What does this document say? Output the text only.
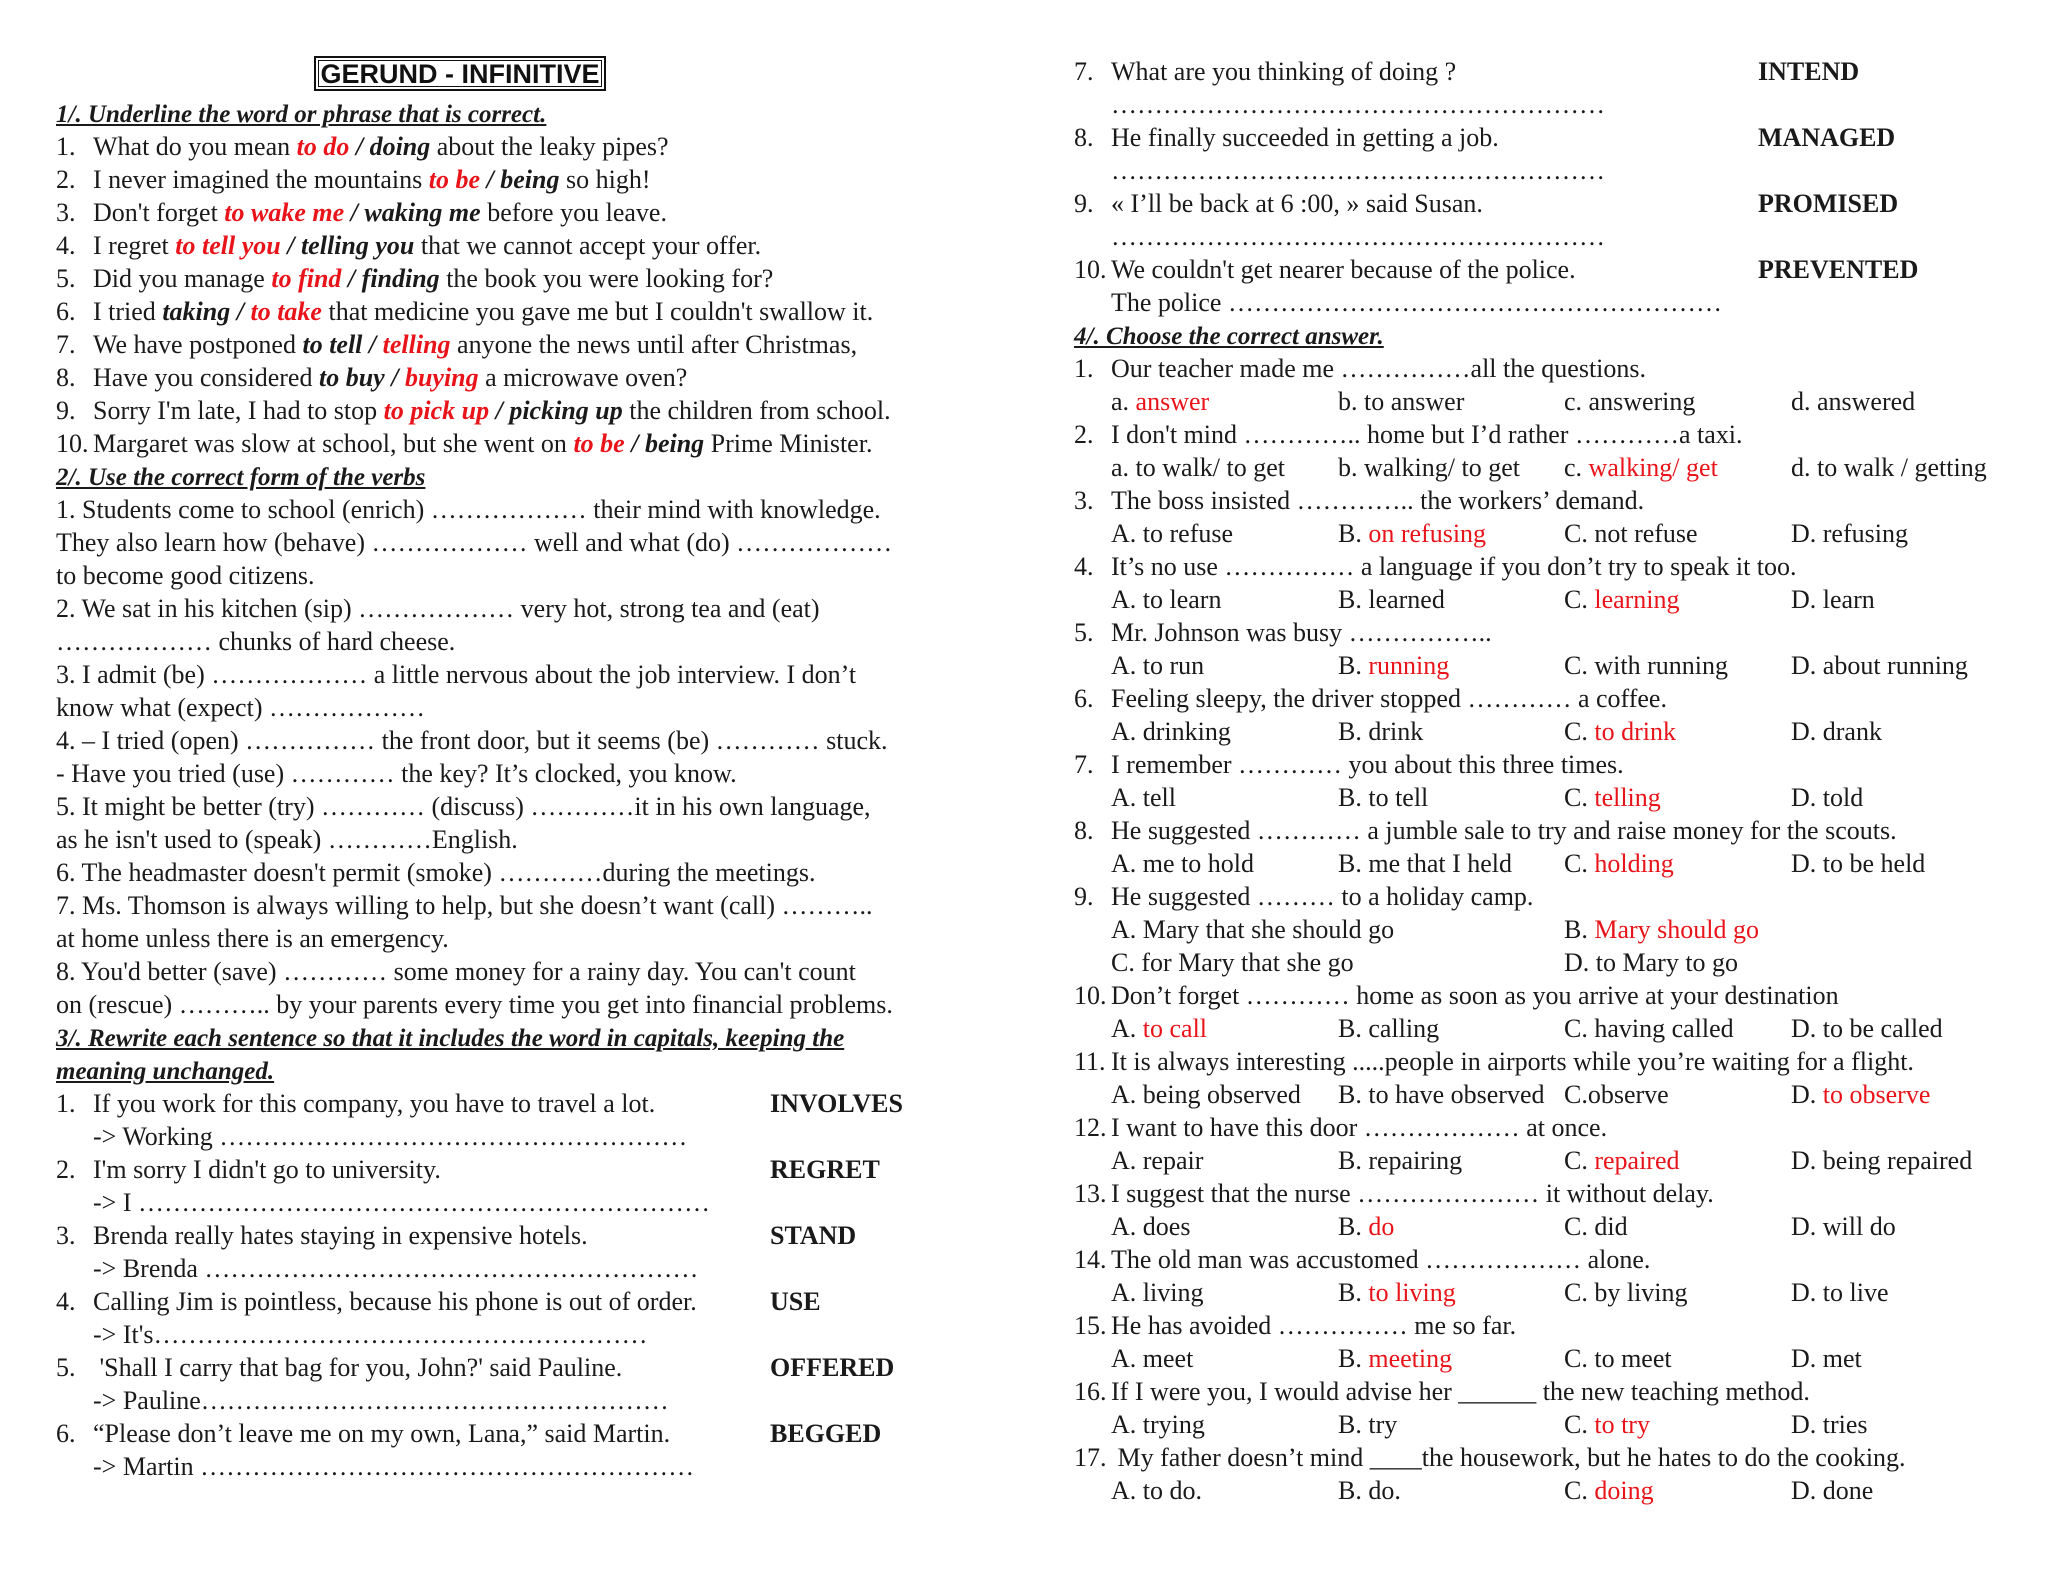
GERUND - INFINITIVE
1/. Underline the word or phrase that is correct.
1. What do you mean to do / doing about the leaky pipes?
2. I never imagined the mountains to be / being so high!
3. Don't forget to wake me / waking me before you leave.
4. I regret to tell you / telling you that we cannot accept your offer.
5. Did you manage to find / finding the book you were looking for?
6. I tried taking / to take that medicine you gave me but I couldn't swallow it.
7. We have postponed to tell / telling anyone the news until after Christmas,
8. Have you considered to buy / buying a microwave oven?
9. Sorry I'm late, I had to stop to pick up / picking up the children from school.
10. Margaret was slow at school, but she went on to be / being Prime Minister.
2/. Use the correct form of the verbs
1. Students come to school (enrich) ……………… their mind with knowledge.
They also learn how (behave) ……………… well and what (do) ………………
to become good citizens.
2. We sat in his kitchen (sip) ……………… very hot, strong tea and (eat)
……………… chunks of hard cheese.
3. I admit (be) ……………… a little nervous about the job interview. I don’t
know what (expect) ………………
4. – I tried (open) …………… the front door, but it seems (be) ………… stuck.
- Have you tried (use) ………… the key? It’s clocked, you know.
5. It might be better (try) ………… (discuss) …………it in his own language,
as he isn't used to (speak) …………English.
6. The headmaster doesn't permit (smoke) …………during the meetings.
7. Ms. Thomson is always willing to help, but she doesn’t want (call) ………..
at home unless there is an emergency.
8. You'd better (save) ………… some money for a rainy day. You can't count
on (rescue) ……….. by your parents every time you get into financial problems.
3/. Rewrite each sentence so that it includes the word in capitals, keeping the
meaning unchanged.
1. If you work for this company, you have to travel a lot.	INVOLVES
-> Working ………………………………………………
2. I'm sorry I didn't go to university.	REGRET
-> I …………………………………………………………
3. Brenda really hates staying in expensive hotels.	STAND
-> Brenda …………………………………………………
4. Calling Jim is pointless, because his phone is out of order.	USE
-> It's…………………………………………………
5. 'Shall I carry that bag for you, John?' said Pauline.	OFFERED
-> Pauline………………………………………………
6. “Please don’t leave me on my own, Lana,” said Martin.	BEGGED
-> Martin …………………………………………………
7. What are you thinking of doing ?	INTEND
…………………………………………………
8. He finally succeeded in getting a job.	MANAGED
…………………………………………………
9. « I’ll be back at 6 :00, » said Susan.	PROMISED
…………………………………………………
10. We couldn't get nearer because of the police.	PREVENTED
The police …………………………………………………
4/. Choose the correct answer.
1. Our teacher made me ……………all the questions.
a. answer	b. to answer	c. answering	d. answered
2. I don't mind ………….. home but I’d rather …………a taxi.
a. to walk/ to get b. walking/ to get c. walking/ get	d. to walk / getting
3. The boss insisted ………….. the workers’ demand.
A. to refuse	B. on refusing	C. not refuse	D. refusing
4. It’s no use …………… a language if you don’t try to speak it too.
A. to learn	B. learned	C. learning	D. learn
5. Mr. Johnson was busy ……………..
A. to run	B. running	C. with running D. about running
6. Feeling sleepy, the driver stopped ………… a coffee.
A. drinking	B. drink	C. to drink	D. drank
7. I remember ………… you about this three times.
A. tell	B. to tell	C. telling	D. told
8. He suggested ………… a jumble sale to try and raise money for the scouts.
A. me to hold	B. me that I held C. holding	D. to be held
9. He suggested ……… to a holiday camp.
A. Mary that she should go	B. Mary should go
C. for Mary that she go	D. to Mary to go
10. Don’t forget ………… home as soon as you arrive at your destination
A. to call	B. calling	C. having called D. to be called
11. It is always interesting .....people in airports while you’re waiting for a flight.
A. being observed B. to have observed C.observe	D. to observe
12. I want to have this door ……………… at once.
A. repair	B. repairing	C. repaired	D. being repaired
13. I suggest that the nurse ………………… it without delay.
A. does	B. do	C. did	D. will do
14. The old man was accustomed ……………… alone.
A. living	B. to living	C. by living	D. to live
15. He has avoided …………… me so far.
A. meet	B. meeting	C. to meet	D. met
16. If I were you, I would advise her ______ the new teaching method.
A. trying	B. try	C. to try	D. tries
17. My father doesn’t mind ____the housework, but he hates to do the cooking.
A. to do.	B. do.	C. doing	D. done
